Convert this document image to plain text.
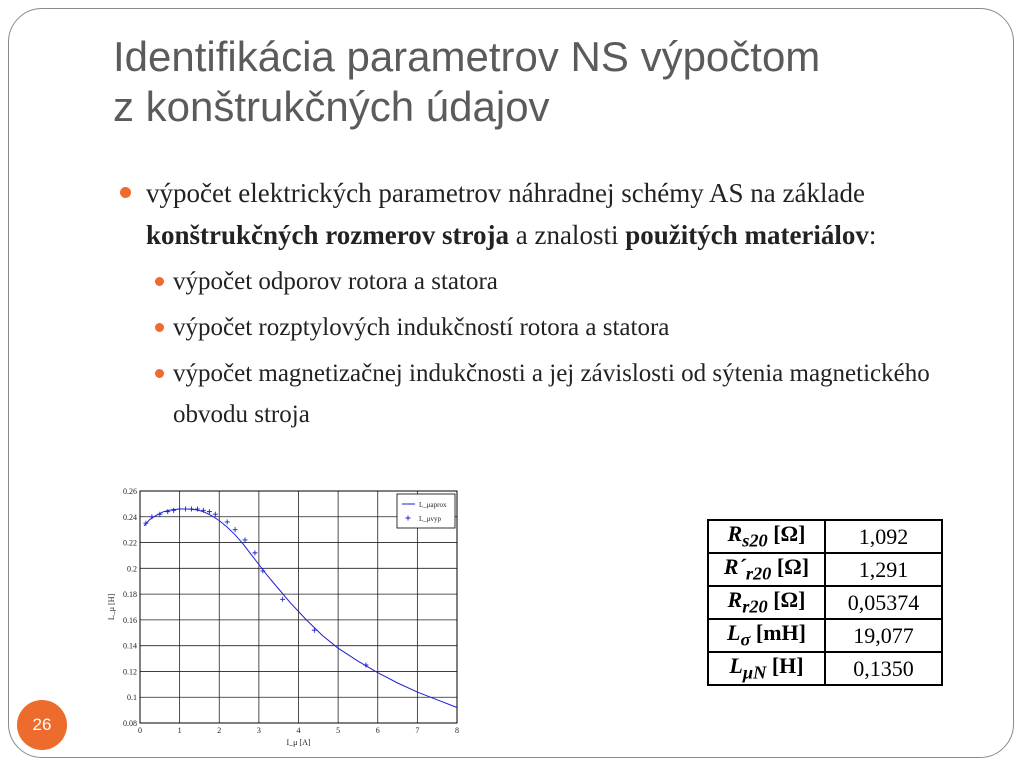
Identifikácia parametrov NS výpočtom
z konštrukčných údajov
výpočet elektrických parametrov náhradnej schémy AS na základe konštrukčných rozmerov stroja a znalosti použitých materiálov:
výpočet odporov rotora a statora
výpočet rozptylových indukčností rotora a statora
výpočet magnetizačnej indukčnosti a jej závislosti od sýtenia magnetického obvodu stroja
0	1	2	3	4	5	6	7	8
0.08
0.1
0.12
0.14
0.16
0.18
0.2
0.22
0.24
0.26
I_μ [A]
L_μ [H]
L_μaprox
L_μvyp
$R_{s20}$ [Ω]	1,092
$R´_{r20}$ [Ω]	1,291
$R_{r20}$ [Ω]	0,05374
$L_\sigma$ [mH]	19,077
$L_{\mu N}$ [H]	0,1350
26
